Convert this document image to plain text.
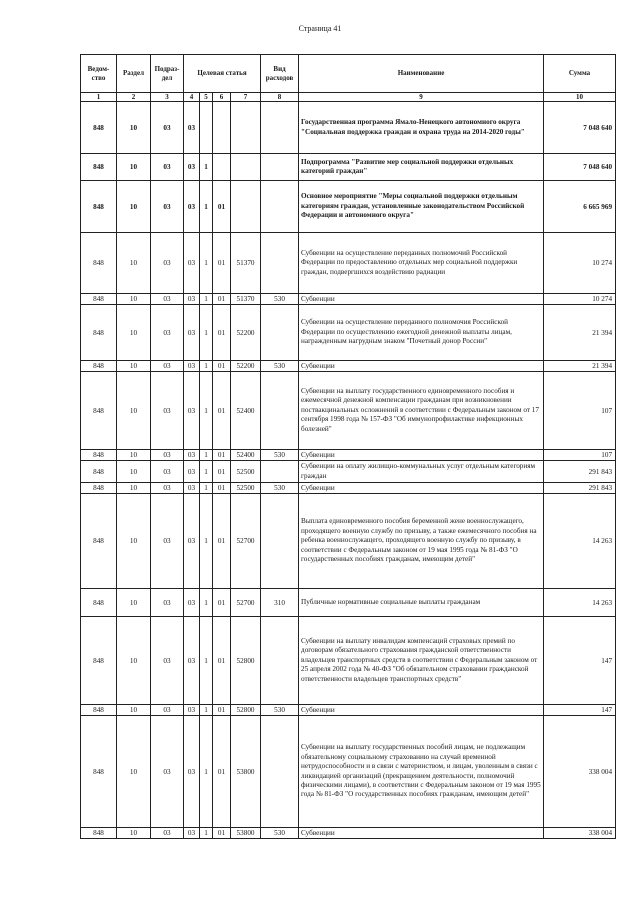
Страница 41
Ведом-ство	Раздел	Подраз-дел	Целевая статья				Вид расходов	Наименование	Сумма
1	2	3	4	5	6	7	8	9	10
848	10	03	03					Государственная программа Ямало-Ненецкого автономного округа "Социальная поддержка граждан и охрана труда на 2014-2020 годы"	7 048 640
848	10	03	03	1				Подпрограмма "Развитие мер социальной поддержки отдельных категорий граждан"	7 048 640
848	10	03	03	1	01			Основное мероприятие "Меры социальной поддержки отдельным категориям граждан, установленные законодательством Российской Федерации и автономного округа"	6 665 969
848	10	03	03	1	01	51370		Субвенции на осуществление переданных полномочий Российской Федерации по предоставлению отдельных мер социальной поддержки граждан, подвергшихся воздействию радиации	10 274
848	10	03	03	1	01	51370	530	Субвенции	10 274
848	10	03	03	1	01	52200		Субвенции на осуществление переданного полномочия Российской Федерации по осуществлению ежегодной денежной выплаты лицам, награжденным нагрудным знаком "Почетный донор России"	21 394
848	10	03	03	1	01	52200	530	Субвенции	21 394
848	10	03	03	1	01	52400		Субвенции на выплату государственного единовременного пособия и ежемесячной денежной компенсации гражданам при возникновении поствакцинальных осложнений в соответствии с Федеральным законом от 17 сентября 1998 года № 157-ФЗ "Об иммунопрофилактике инфекционных болезней"	107
848	10	03	03	1	01	52400	530	Субвенции	107
848	10	03	03	1	01	52500		Субвенции на оплату жилищно-коммунальных услуг отдельным категориям граждан	291 843
848	10	03	03	1	01	52500	530	Субвенции	291 843
848	10	03	03	1	01	52700		Выплата единовременного пособия беременной жене военнослужащего, проходящего военную службу по призыву, а также ежемесячного пособия на ребенка военнослужащего, проходящего военную службу по призыву, в соответствии с Федеральным законом от 19 мая 1995 года № 81-ФЗ "О государственных пособиях гражданам, имеющим детей"	14 263
848	10	03	03	1	01	52700	310	Публичные нормативные социальные выплаты гражданам	14 263
848	10	03	03	1	01	52800		Субвенции на выплату инвалидам компенсаций страховых премий по договорам обязательного страхования гражданской ответственности владельцев транспортных средств в соответствии с Федеральным законом от 25 апреля 2002 года № 40-ФЗ "Об обязательном страховании гражданской ответственности владельцев транспортных средств"	147
848	10	03	03	1	01	52800	530	Субвенции	147
848	10	03	03	1	01	53800		Субвенции на выплату государственных пособий лицам, не подлежащим обязательному социальному страхованию на случай временной нетрудоспособности и в связи с материнством, и лицам, уволенным в связи с ликвидацией организаций (прекращением деятельности, полномочий физическими лицами), в соответствии с Федеральным законом от 19 мая 1995 года № 81-ФЗ "О государственных пособиях гражданам, имеющим детей"	338 004
848	10	03	03	1	01	53800	530	Субвенции	338 004
